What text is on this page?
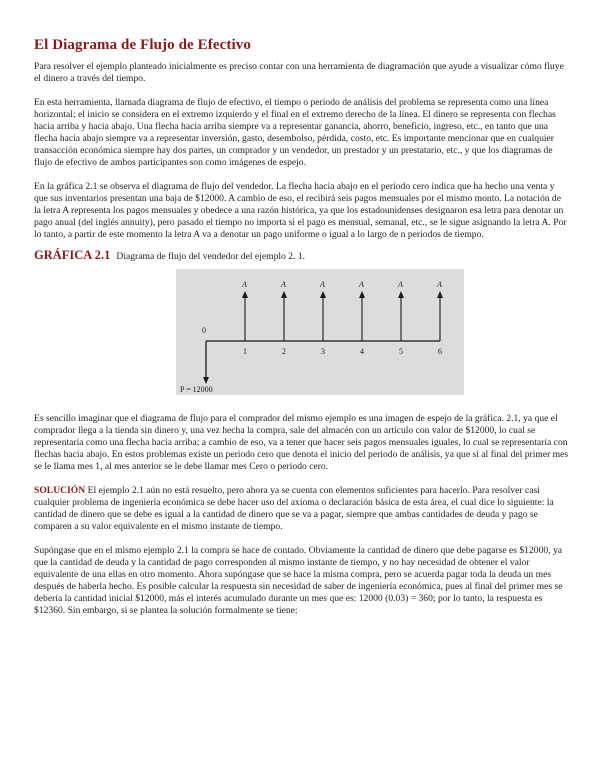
El Diagrama de Flujo de Efectivo

Para resolver el ejemplo planteado inicialmente es preciso contar con una herramienta de diagramación que ayude a visualizar cómo fluye el dinero a través del tiempo.

En esta herramienta, llamada diagrama de flujo de efectivo, el tiempo o periodo de análisis del problema se representa como una línea horizontal; el inicio se considera en el extremo izquierdo y el final en el extremo derecho de la línea. El dinero se representa con flechas hacia arriba y hacia abajo. Una flecha hacia arriba siempre va a representar ganancia, ahorro, beneficio, ingreso, etc., en tanto que una flecha hacia abajo siempre va a representar inversión, gasto, desembolso, pérdida, costo, etc. Es importante mencionar que en cualquier transacción económica siempre hay dos partes, un comprador y un vendedor, un prestador y un prestatario, etc., y que los diagramas de flujo de efectivo de ambos participantes son como imágenes de espejo.

En la gráfica 2.1 se observa el diagrama de flujo del vendedor. La flecha hacia abajo en el periodo cero indica que ha hecho una venta y que sus inventarios presentan una baja de $12000. A cambio de eso, el recibirá seis pagos mensuales por el mismo monto. La notación de la letra A representa los pagos mensuales y obedece a una razón histórica, ya que los estadounidenses designaron esa letra para denotar un pago anual (del inglés annuity), pero pasado el tiempo no importa si el pago es mensual, semanal, etc., se le sigue asignando la letra A. Por lo tanto, a partir de este momento la letra A va a denotar un pago uniforme o igual a lo largo de n periodos de tiempo.

GRÁFICA 2.1 Diagrama de flujo del vendedor del ejemplo 2. 1.
0
P = 12000
A
1
A
2
A
3
A
4
A
5
A
6

Es sencillo imaginar que el diagrama de flujo para el comprador del mismo ejemplo es una imagen de espejo de la gráfica. 2.1, ya que el comprador llega a la tienda sin dinero y, una vez hecha la compra, sale del almacén con un artículo con valor de $12000, lo cual se representaría como una flecha hacia arriba; a cambio de eso, va a tener que hacer seis pagos mensuales iguales, lo cual se representaría con flechas hacia abajo. En estos problemas existe un periodo cero que denota el inicio del periodo de análisis, ya que si al final del primer mes se le llama mes 1, al mes anterior se le debe llamar mes Cero o periodo cero.

SOLUCIÓN El ejemplo 2.1 aún no está resuelto, pero ahora ya se cuenta con elementos suficientes para hacerlo. Para resolver casi cualquier problema de ingeniería económica se debe hacer uso del axioma o declaración básica de esta área, el cual dice lo siguiente: la cantidad de dinero que se debe es igual a la cantidad de dinero que se va a pagar, siempre que ambas cantidades de deuda y pago se comparen a su valor equivalente en el mismo instante de tiempo.

Supóngase que en el mismo ejemplo 2.1 la compra se hace de contado. Obviamente la cantidad de dinero que debe pagarse es $12000, ya que la cantidad de deuda y la cantidad de pago corresponden al mismo instante de tiempo, y no hay necesidad de obtener el valor equivalente de una ellas en otro momento. Ahora supóngase que se hace la misma compra, pero se acuerda pagar toda la deuda un mes después de haberla hecho. Es posible calcular la respuesta sin necesidad de saber de ingeniería económica, pues al final del primer mes se debería la cantidad inicial $12000, más el interés acumulado durante un mes que es: 12000 (0.03) = 360; por lo tanto, la respuesta es $12360. Sin embargo, si se plantea la solución formalmente se tiene:
